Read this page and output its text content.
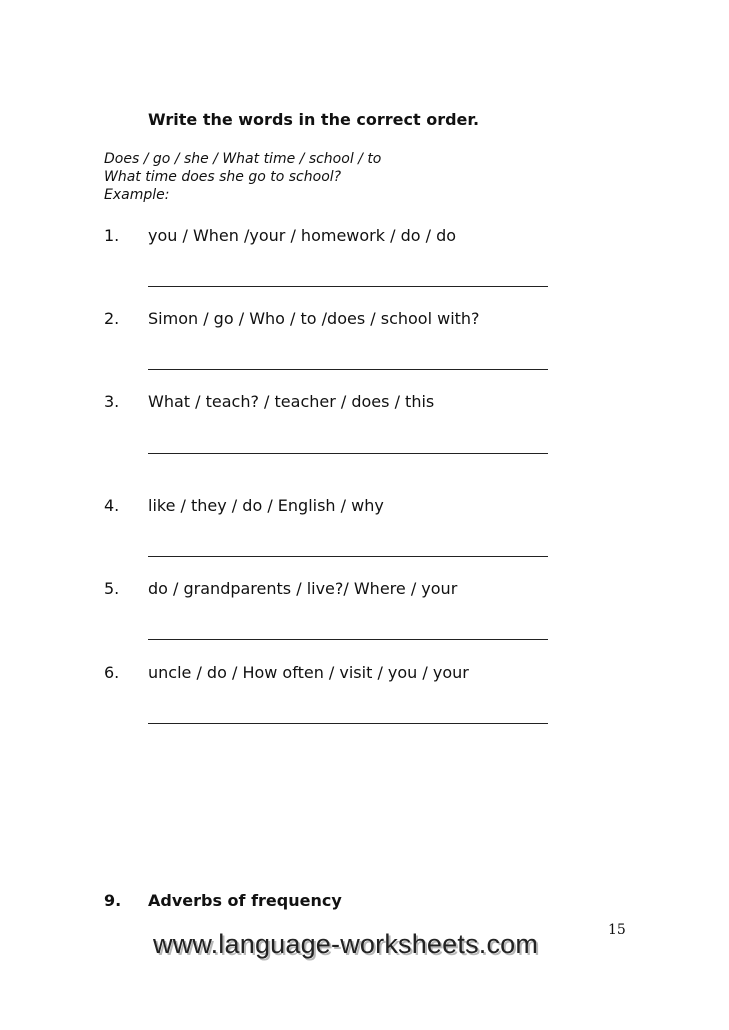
Write the words in the correct order.
Does / go / she / What time / school / to
What time does she go to school?
Example:
1. you / When /your / homework / do / do
2. Simon / go / Who / to /does / school with?
3. What / teach? / teacher / does / this
4. like / they / do / English / why
5. do / grandparents / live?/ Where / your
6. uncle / do / How often / visit / you / your
9. Adverbs of frequency
15
www.language-worksheets.com
